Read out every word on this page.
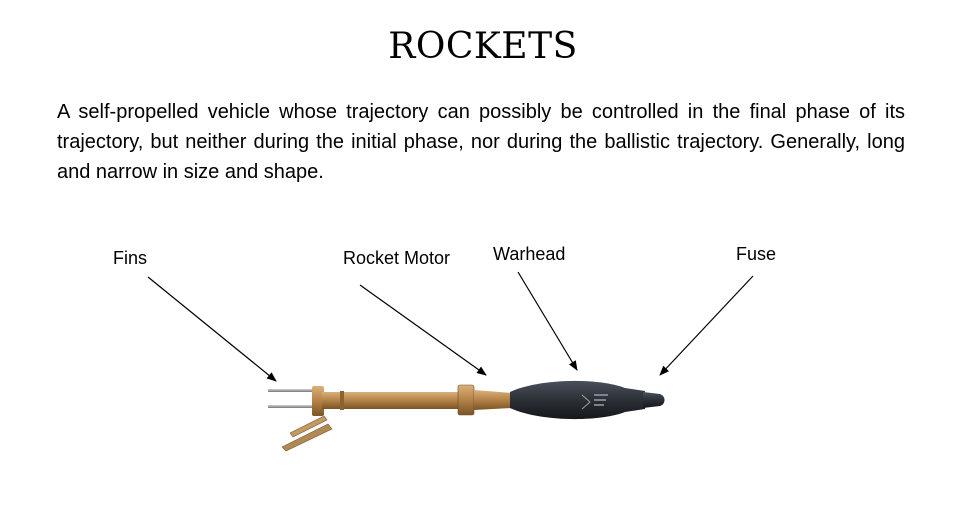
ROCKETS
A self-propelled vehicle whose trajectory can possibly be controlled in the final phase of its trajectory, but neither during the initial phase, nor during the ballistic trajectory. Generally, long and narrow in size and shape.
Fins	Rocket Motor Warhead	Fuse
